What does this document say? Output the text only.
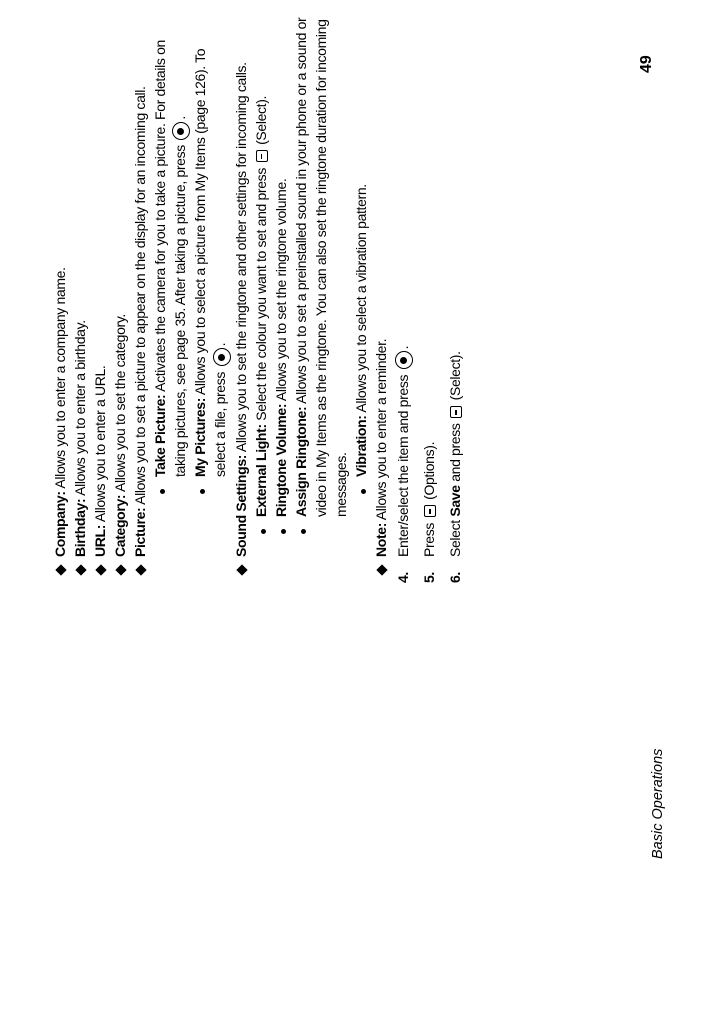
Basic Operations
49
Company: Allows you to enter a company name.
Birthday: Allows you to enter a birthday.
URL: Allows you to enter a URL.
Category: Allows you to set the category.
Picture: Allows you to set a picture to appear on the display for an incoming call. Take Picture: Activates the camera for you to take a picture. For details on taking pictures, see page 35. After taking a picture, press .
My Pictures: Allows you to select a picture from My Items (page 126). To select a file, press .
Sound Settings: Allows you to set the ringtone and other settings for incoming calls.
External Light: Select the colour you want to set and press  (Select).
Ringtone Volume: Allows you to set the ringtone volume.
Assign Ringtone: Allows you to set a preinstalled sound in your phone or a sound or video in My Items as the ringtone. You can also set the ringtone duration for incoming messages.
Vibration: Allows you to select a vibration pattern.
Note: Allows you to enter a reminder.
4.
Enter/select the item and press .
5.
Press  (Options).
6.
Select Save and press  (Select).
